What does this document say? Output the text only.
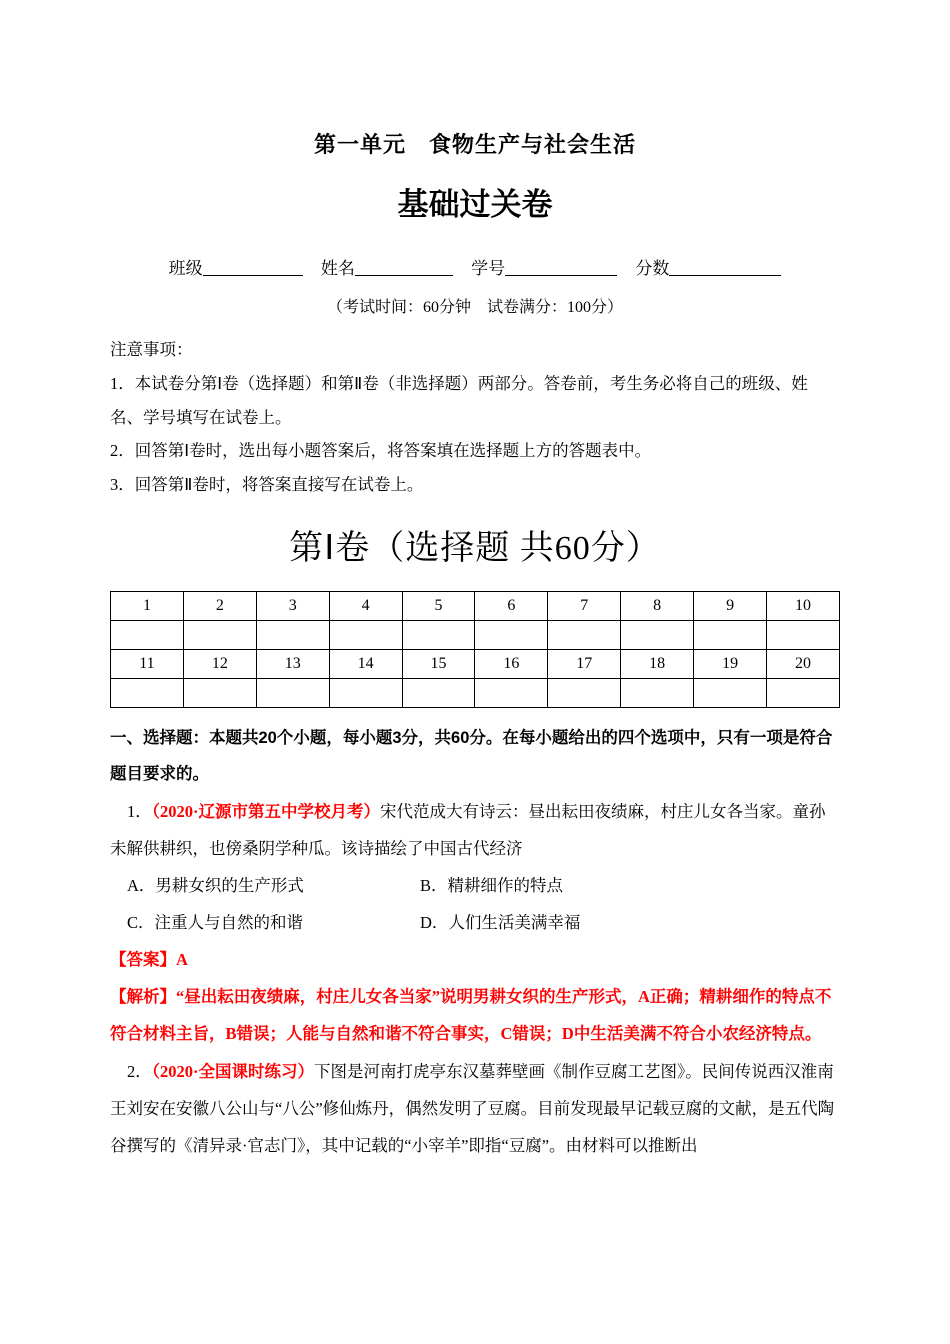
第一单元　食物生产与社会生活
基础过关卷
班级	姓名	学号	分数
（考试时间：60分钟　试卷满分：100分）

注意事项：

1．本试卷分第Ⅰ卷（选择题）和第Ⅱ卷（非选择题）两部分。答卷前，考生务必将自己的班级、姓名、学号填写在试卷上。

2．回答第Ⅰ卷时，选出每小题答案后，将答案填在选择题上方的答题表中。

3．回答第Ⅱ卷时，将答案直接写在试卷上。

第Ⅰ卷（选择题 共60分）
1	2	3	4	5	6	7	8	9	10

11	12	13	14	15	16	17	18	19	20

一、选择题：本题共20个小题，每小题3分，共60分。在每小题给出的四个选项中，只有一项是符合题目要求的。

1．（2020·辽源市第五中学校月考）宋代范成大有诗云：昼出耘田夜绩麻，村庄儿女各当家。童孙未解供耕织，也傍桑阴学种瓜。该诗描绘了中国古代经济

A．男耕女织的生产形式	B．精耕细作的特点
C．注重人与自然的和谐	D．人们生活美满幸福

【答案】A

【解析】“昼出耘田夜绩麻，村庄儿女各当家”说明男耕女织的生产形式，A正确；精耕细作的特点不符合材料主旨，B错误；人能与自然和谐不符合事实，C错误；D中生活美满不符合小农经济特点。

2．（2020·全国课时练习）下图是河南打虎亭东汉墓葬壁画《制作豆腐工艺图》。民间传说西汉淮南王刘安在安徽八公山与“八公”修仙炼丹，偶然发明了豆腐。目前发现最早记载豆腐的文献，是五代陶谷撰写的《清异录·官志门》，其中记载的“小宰羊”即指“豆腐”。由材料可以推断出
